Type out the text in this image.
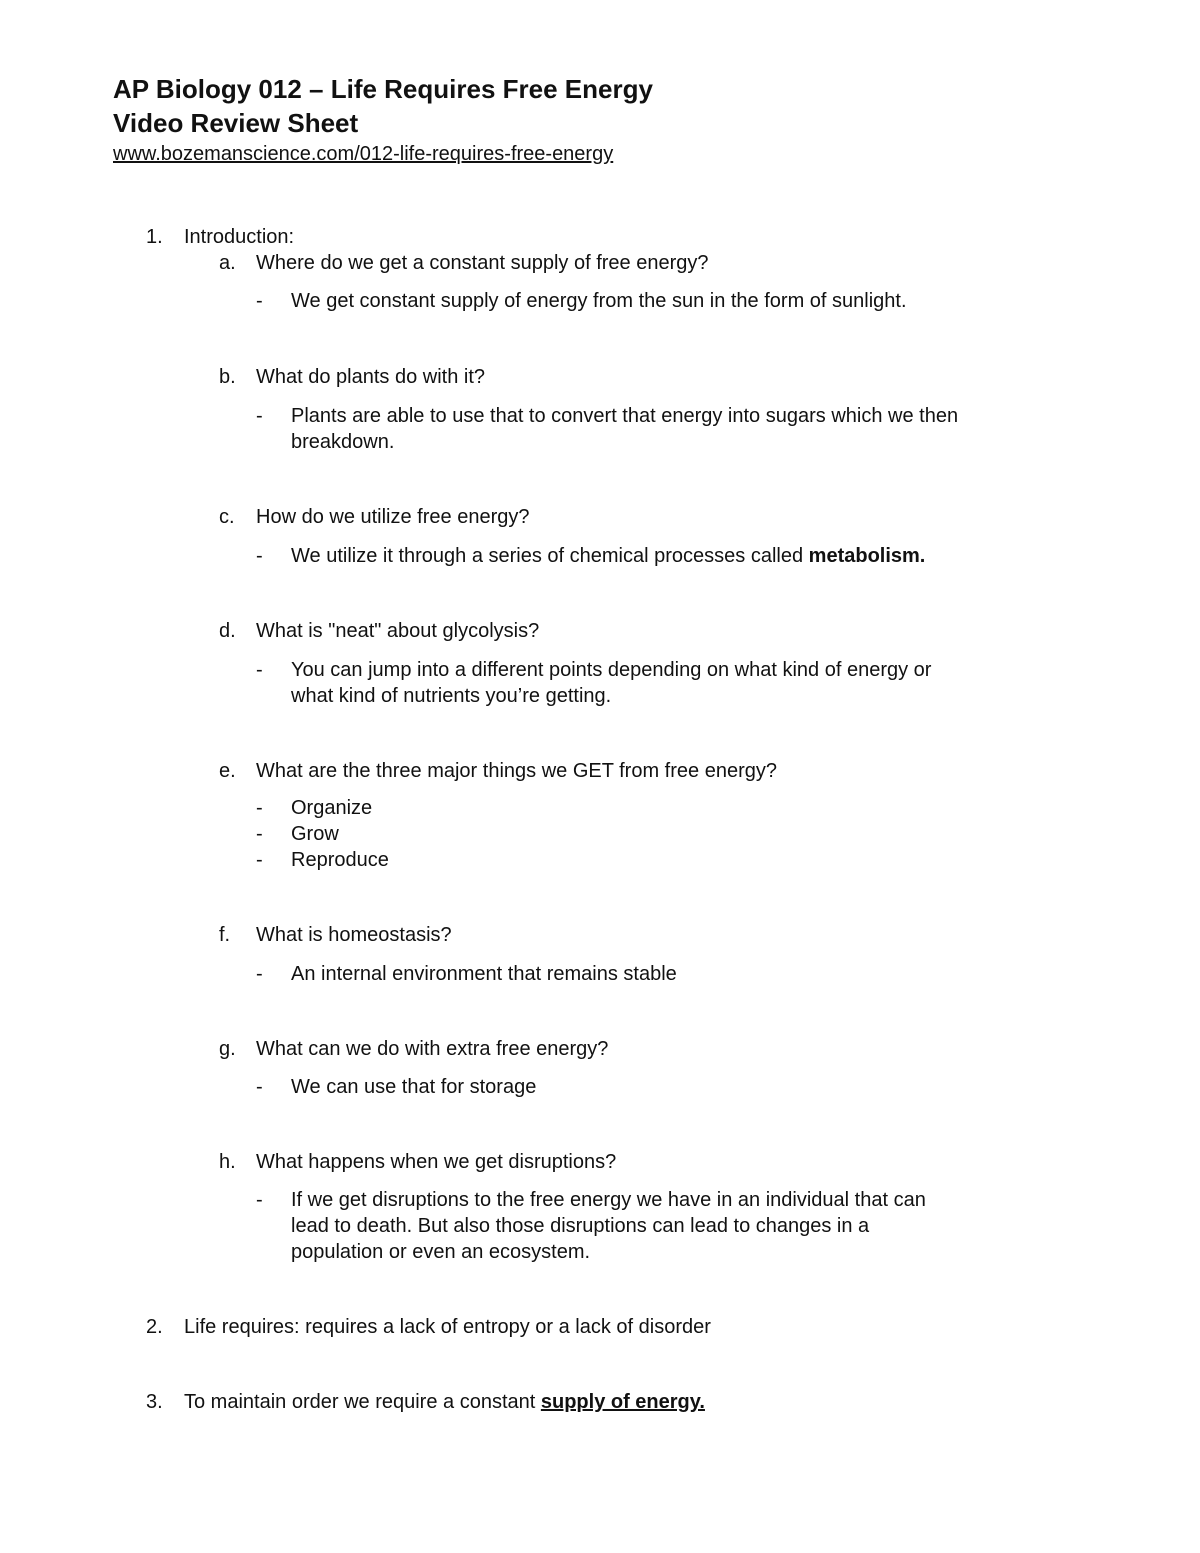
AP Biology 012 – Life Requires Free Energy
Video Review Sheet
www.bozemanscience.com/012-life-requires-free-energy
1. Introduction:
a. Where do we get a constant supply of free energy?
- We get constant supply of energy from the sun in the form of sunlight.
b. What do plants do with it?
- Plants are able to use that to convert that energy into sugars which we then
breakdown.
c. How do we utilize free energy?
- We utilize it through a series of chemical processes called metabolism.
d. What is "neat" about glycolysis?
- You can jump into a different points depending on what kind of energy or
what kind of nutrients you’re getting.
e. What are the three major things we GET from free energy?
- Organize
- Grow
- Reproduce
f. What is homeostasis?
- An internal environment that remains stable
g. What can we do with extra free energy?
- We can use that for storage
h. What happens when we get disruptions?
- If we get disruptions to the free energy we have in an individual that can
lead to death. But also those disruptions can lead to changes in a
population or even an ecosystem.
2. Life requires: requires a lack of entropy or a lack of disorder
3. To maintain order we require a constant supply of energy.
